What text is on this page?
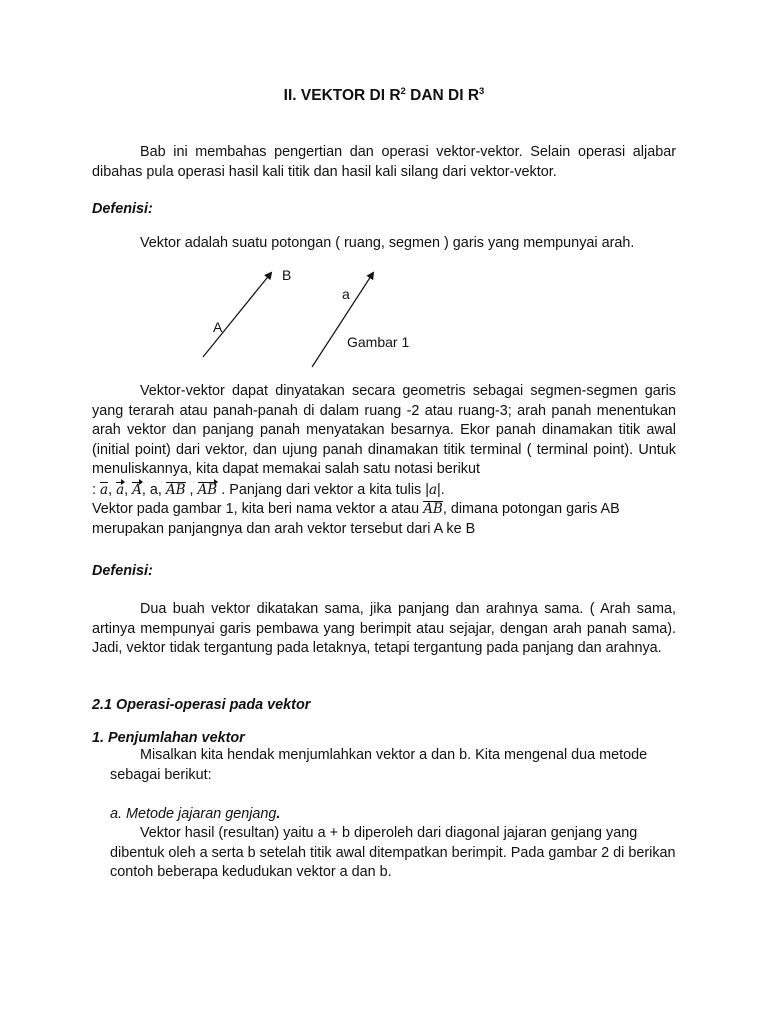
II. VEKTOR DI $R^2$ DAN DI $R^3$

Bab ini membahas pengertian dan operasi vektor-vektor. Selain operasi aljabar dibahas pula operasi hasil kali titik dan hasil kali silang dari vektor-vektor.

Defenisi:

Vektor adalah suatu potongan ( ruang, segmen ) garis yang mempunyai arah.

B
a
A
Gambar 1

Vektor-vektor dapat dinyatakan secara geometris sebagai segmen-segmen garis yang terarah atau panah-panah di dalam ruang -2 atau ruang-3; arah panah menentukan arah vektor dan panjang panah menyatakan besarnya. Ekor panah dinamakan titik awal (initial point) dari vektor, dan ujung panah dinamakan titik terminal ( terminal point). Untuk menuliskannya, kita dapat memakai salah satu notasi berikut

: a, a, A, a, AB , AB . Panjang dari vektor a kita tulis |a|.

Vektor pada gambar 1, kita beri nama vektor a atau AB, dimana potongan garis AB

merupakan panjangnya dan arah vektor tersebut dari A ke B

Defenisi:

Dua buah vektor dikatakan sama, jika panjang dan arahnya sama. ( Arah sama, artinya mempunyai garis pembawa yang berimpit atau sejajar, dengan arah panah sama). Jadi, vektor tidak tergantung pada letaknya, tetapi tergantung pada panjang dan arahnya.

2.1 Operasi-operasi pada vektor
1. Penjumlahan vektor

Misalkan kita hendak menjumlahkan vektor a dan b. Kita mengenal dua metode sebagai berikut:

a. Metode jajaran genjang.

Vektor hasil (resultan) yaitu a + b diperoleh dari diagonal jajaran genjang yang dibentuk oleh a serta b setelah titik awal ditempatkan berimpit. Pada gambar 2 di berikan contoh beberapa kedudukan vektor a dan b.
